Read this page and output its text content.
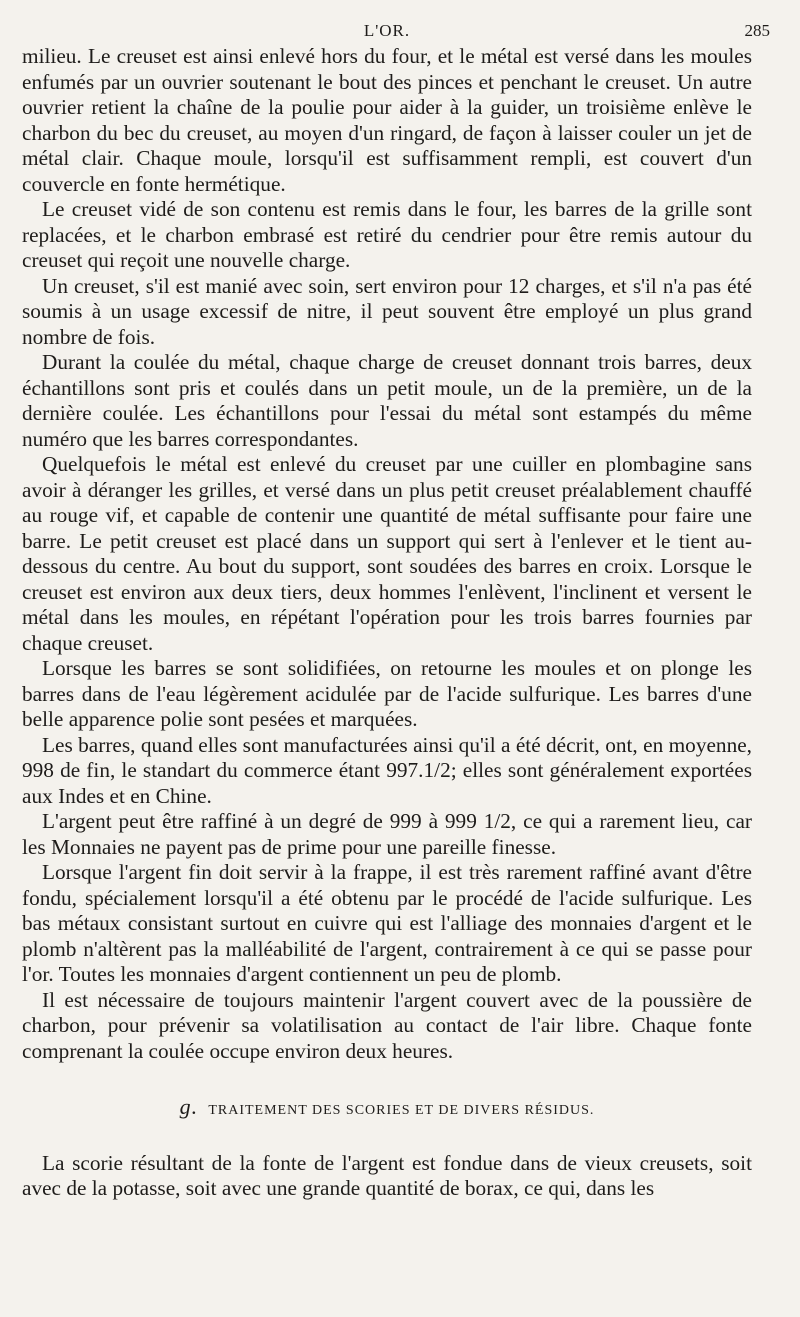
L'OR.	285

milieu. Le creuset est ainsi enlevé hors du four, et le métal est versé dans les moules enfumés par un ouvrier soutenant le bout des pinces et penchant le creuset. Un autre ouvrier retient la chaîne de la poulie pour aider à la guider, un troisième enlève le charbon du bec du creuset, au moyen d'un ringard, de façon à laisser couler un jet de métal clair. Chaque moule, lorsqu'il est suffisamment rempli, est couvert d'un couvercle en fonte hermétique.

Le creuset vidé de son contenu est remis dans le four, les barres de la grille sont replacées, et le charbon embrasé est retiré du cendrier pour être remis autour du creuset qui reçoit une nouvelle charge.

Un creuset, s'il est manié avec soin, sert environ pour 12 charges, et s'il n'a pas été soumis à un usage excessif de nitre, il peut souvent être employé un plus grand nombre de fois.

Durant la coulée du métal, chaque charge de creuset donnant trois barres, deux échantillons sont pris et coulés dans un petit moule, un de la première, un de la dernière coulée. Les échantillons pour l'essai du métal sont estampés du même numéro que les barres correspondantes.

Quelquefois le métal est enlevé du creuset par une cuiller en plombagine sans avoir à déranger les grilles, et versé dans un plus petit creuset préalablement chauffé au rouge vif, et capable de contenir une quantité de métal suffisante pour faire une barre. Le petit creuset est placé dans un support qui sert à l'enlever et le tient au-dessous du centre. Au bout du support, sont soudées des barres en croix. Lorsque le creuset est environ aux deux tiers, deux hommes l'enlèvent, l'inclinent et versent le métal dans les moules, en répétant l'opération pour les trois barres fournies par chaque creuset.

Lorsque les barres se sont solidifiées, on retourne les moules et on plonge les barres dans de l'eau légèrement acidulée par de l'acide sulfurique. Les barres d'une belle apparence polie sont pesées et marquées.

Les barres, quand elles sont manufacturées ainsi qu'il a été décrit, ont, en moyenne, 998 de fin, le standart du commerce étant 997.1/2; elles sont généralement exportées aux Indes et en Chine.

L'argent peut être raffiné à un degré de 999 à 999 1/2, ce qui a rarement lieu, car les Monnaies ne payent pas de prime pour une pareille finesse.

Lorsque l'argent fin doit servir à la frappe, il est très rarement raffiné avant d'être fondu, spécialement lorsqu'il a été obtenu par le procédé de l'acide sulfurique. Les bas métaux consistant surtout en cuivre qui est l'alliage des monnaies d'argent et le plomb n'altèrent pas la malléabilité de l'argent, contrairement à ce qui se passe pour l'or. Toutes les monnaies d'argent contiennent un peu de plomb.

Il est nécessaire de toujours maintenir l'argent couvert avec de la poussière de charbon, pour prévenir sa volatilisation au contact de l'air libre. Chaque fonte comprenant la coulée occupe environ deux heures.

g. TRAITEMENT DES SCORIES ET DE DIVERS RÉSIDUS.

La scorie résultant de la fonte de l'argent est fondue dans de vieux creusets, soit avec de la potasse, soit avec une grande quantité de borax, ce qui, dans les
